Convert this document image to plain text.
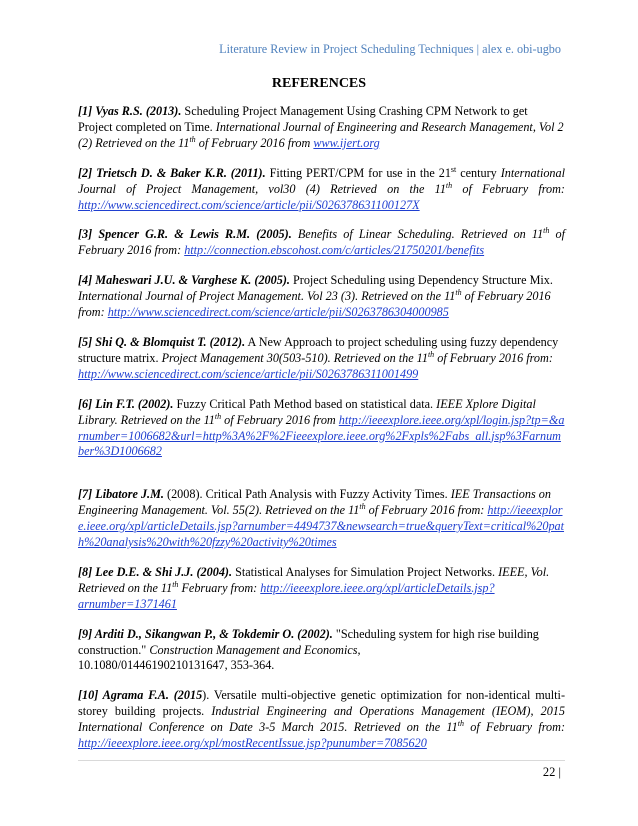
Literature Review in Project Scheduling Techniques | alex e. obi-ugbo
REFERENCES

[1] Vyas R.S. (2013). Scheduling Project Management Using Crashing CPM Network to get Project completed on Time. International Journal of Engineering and Research Management, Vol 2 (2) Retrieved on the 11th of February 2016 from www.ijert.org

[2] Trietsch D. & Baker K.R. (2011). Fitting PERT/CPM for use in the 21st century International Journal of Project Management, vol30 (4) Retrieved on the 11th of February from: http://www.sciencedirect.com/science/article/pii/S026378631100127X

[3] Spencer G.R. & Lewis R.M. (2005). Benefits of Linear Scheduling. Retrieved on 11th of February 2016 from: http://connection.ebscohost.com/c/articles/21750201/benefits

[4] Maheswari J.U. & Varghese K. (2005). Project Scheduling using Dependency Structure Mix. International Journal of Project Management. Vol 23 (3). Retrieved on the 11th of February 2016 from: http://www.sciencedirect.com/science/article/pii/S0263786304000985

[5] Shi Q. & Blomquist T. (2012). A New Approach to project scheduling using fuzzy dependency structure matrix. Project Management 30(503-510). Retrieved on the 11th of February 2016 from: http://www.sciencedirect.com/science/article/pii/S0263786311001499

[6] Lin F.T. (2002). Fuzzy Critical Path Method based on statistical data. IEEE Xplore Digital Library. Retrieved on the 11th of February 2016 from http://ieeexplore.ieee.org/xpl/login.jsp?tp=&arnumber=1006682&url=http%3A%2F%2Fieeexplore.ieee.org%2Fxpls%2Fabs_all.jsp%3Farnumber%3D1006682

[7] Libatore J.M. (2008). Critical Path Analysis with Fuzzy Activity Times. IEE Transactions on Engineering Management. Vol. 55(2). Retrieved on the 11th of February 2016 from: http://ieeexplore.ieee.org/xpl/articleDetails.jsp?arnumber=4494737&newsearch=true&queryText=critical%20path%20analysis%20with%20fzzy%20activity%20times

[8] Lee D.E. & Shi J.J. (2004). Statistical Analyses for Simulation Project Networks. IEEE, Vol. Retrieved on the 11th February from: http://ieeexplore.ieee.org/xpl/articleDetails.jsp?arnumber=1371461

[9] Arditi D., Sikangwan P., & Tokdemir O. (2002). "Scheduling system for high rise building construction." Construction Management and Economics,
10.1080/01446190210131647, 353-364.

[10] Agrama F.A. (2015). Versatile multi-objective genetic optimization for non-identical multi-storey building projects. Industrial Engineering and Operations Management (IEOM), 2015 International Conference on Date 3-5 March 2015. Retrieved on the 11th of February from: http://ieeexplore.ieee.org/xpl/mostRecentIssue.jsp?punumber=7085620

22 |
